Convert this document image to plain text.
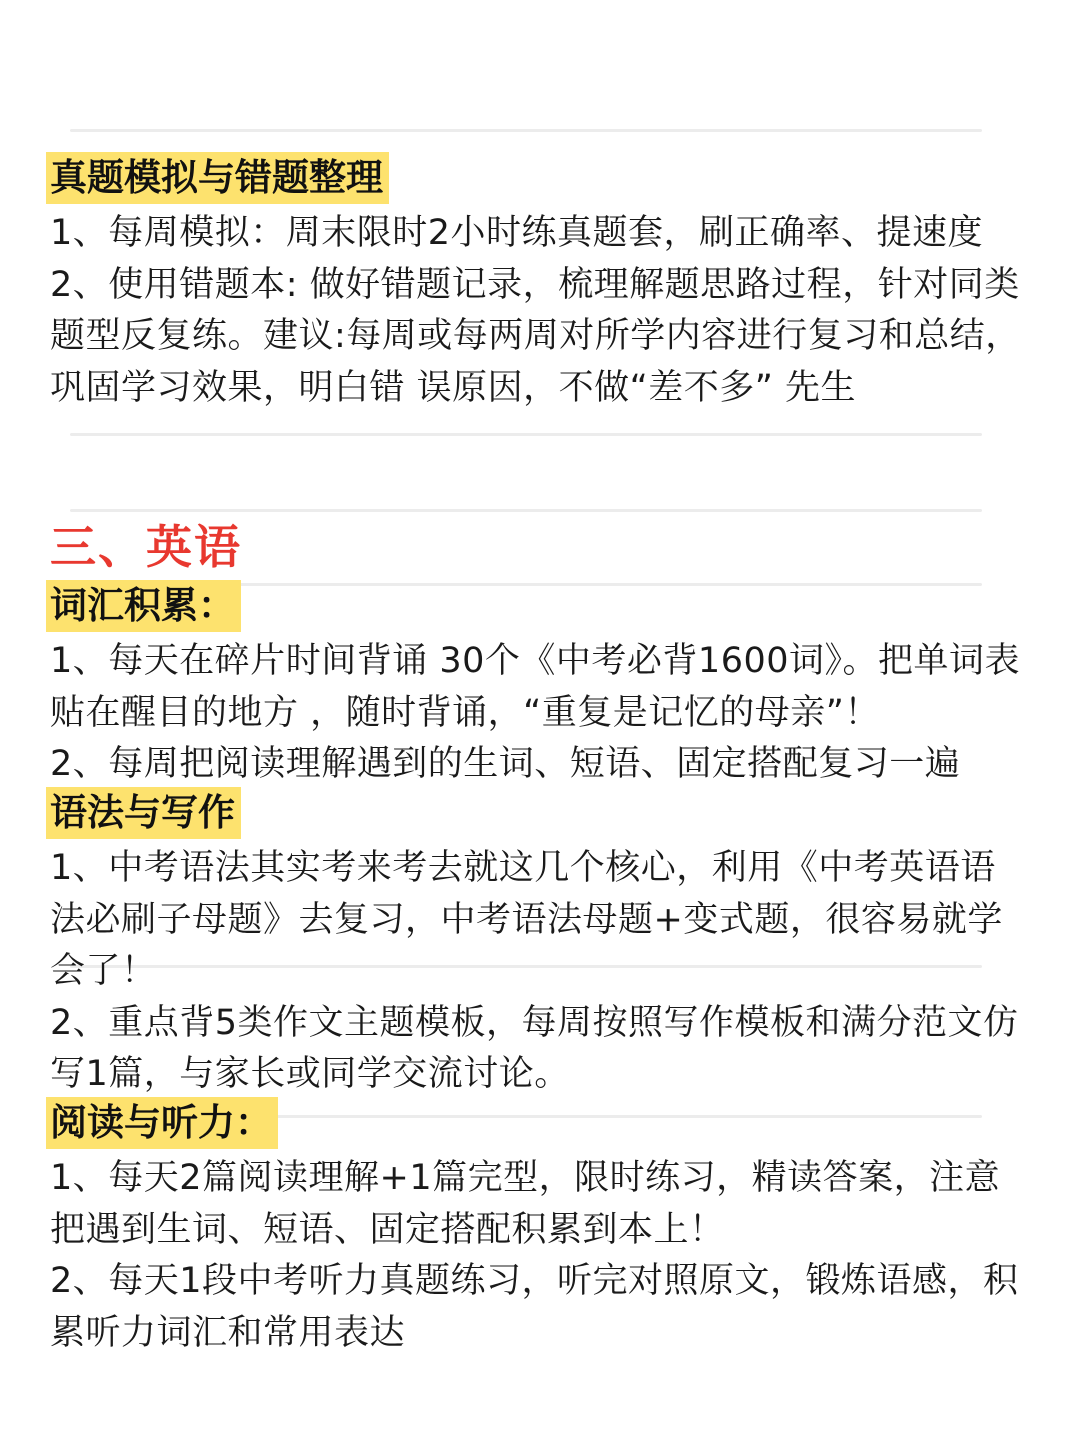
真题模拟与错题整理

1、每周模拟：周末限时2小时练真题套，刷正确率、提速度

2、使用错题本: 做好错题记录，梳理解题思路过程，针对同类题型反复练。建议:每周或每两周对所学内容进行复习和总结，巩固学习效果，明白错 误原因，不做“差不多” 先生

三、英语
词汇积累：

1、每天在碎片时间背诵 30个《中考必背1600词》。把单词表贴在醒目的地方 ，随时背诵，“重复是记忆的母亲”！

2、每周把阅读理解遇到的生词、短语、固定搭配复习一遍

语法与写作

1、中考语法其实考来考去就这几个核心，利用《中考英语语法必刷子母题》去复习，中考语法母题+变式题，很容易就学会了！

2、重点背5类作文主题模板，每周按照写作模板和满分范文仿写1篇，与家长或同学交流讨论。

阅读与听力：

1、每天2篇阅读理解+1篇完型，限时练习，精读答案，注意把遇到生词、短语、固定搭配积累到本上！

2、每天1段中考听力真题练习，听完对照原文，锻炼语感，积累听力词汇和常用表达
